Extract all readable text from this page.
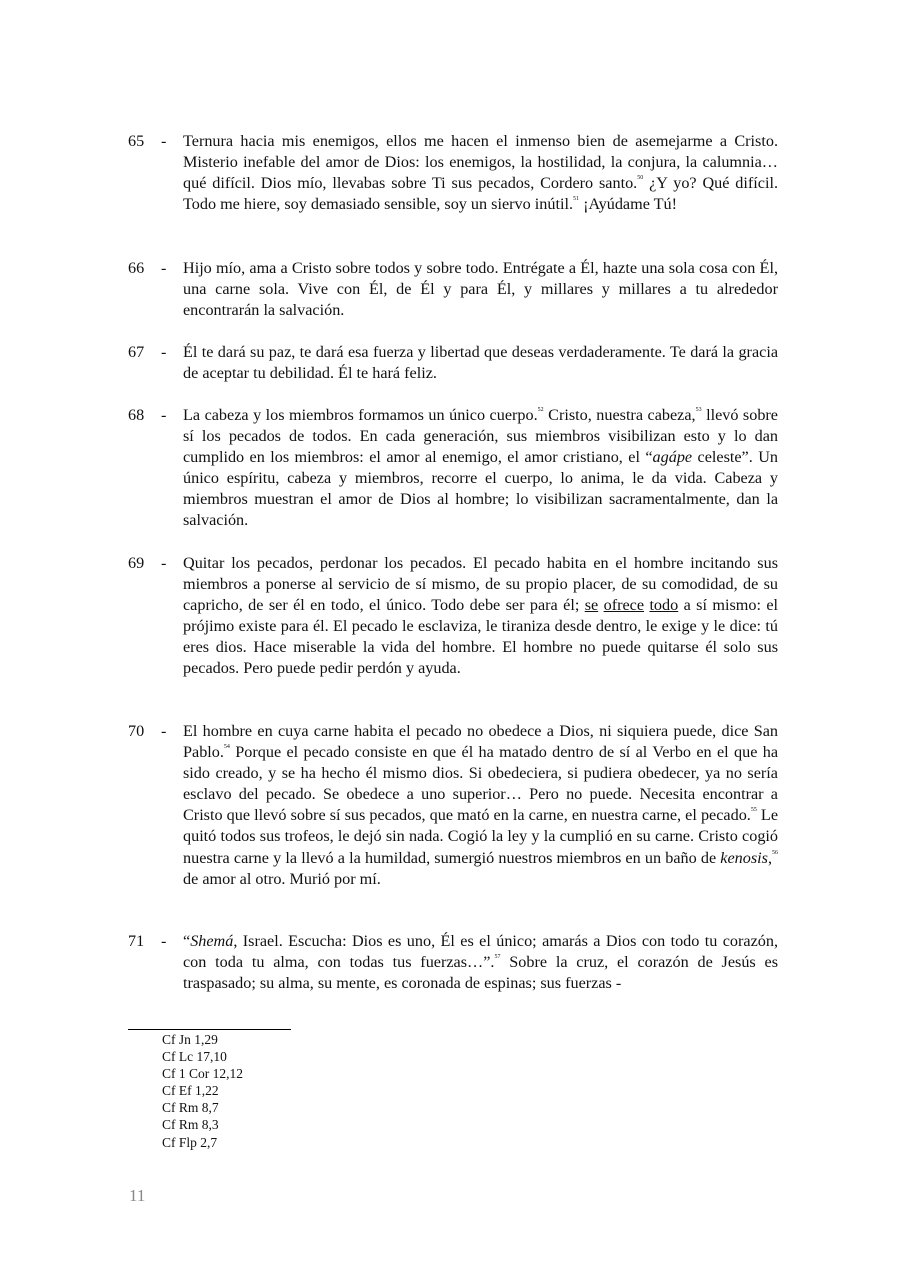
65 - Ternura hacia mis enemigos, ellos me hacen el inmenso bien de asemejarme a Cristo. Misterio inefable del amor de Dios: los enemigos, la hostilidad, la conjura, la calumnia… qué difícil. Dios mío, llevabas sobre Ti sus pecados, Cordero santo.$^{50}$ ¿Y yo? Qué difícil. Todo me hiere, soy demasiado sensible, soy un siervo inútil.$^{51}$ ¡Ayúdame Tú!
66 - Hijo mío, ama a Cristo sobre todos y sobre todo. Entrégate a Él, hazte una sola cosa con Él, una carne sola. Vive con Él, de Él y para Él, y millares y millares a tu alrededor encontrarán la salvación.
67 - Él te dará su paz, te dará esa fuerza y libertad que deseas verdaderamente. Te dará la gracia de aceptar tu debilidad. Él te hará feliz.
68 - La cabeza y los miembros formamos un único cuerpo.$^{52}$ Cristo, nuestra cabeza,$^{53}$ llevó sobre sí los pecados de todos. En cada generación, sus miembros visibilizan esto y lo dan cumplido en los miembros: el amor al enemigo, el amor cristiano, el “agápe celeste”. Un único espíritu, cabeza y miembros, recorre el cuerpo, lo anima, le da vida. Cabeza y miembros muestran el amor de Dios al hombre; lo visibilizan sacramentalmente, dan la salvación.
69 - Quitar los pecados, perdonar los pecados. El pecado habita en el hombre incitando sus miembros a ponerse al servicio de sí mismo, de su propio placer, de su comodidad, de su capricho, de ser él en todo, el único. Todo debe ser para él; se ofrece todo a sí mismo: el prójimo existe para él. El pecado le esclaviza, le tiraniza desde dentro, le exige y le dice: tú eres dios. Hace miserable la vida del hombre. El hombre no puede quitarse él solo sus pecados. Pero puede pedir perdón y ayuda.
70 - El hombre en cuya carne habita el pecado no obedece a Dios, ni siquiera puede, dice San Pablo.$^{54}$ Porque el pecado consiste en que él ha matado dentro de sí al Verbo en el que ha sido creado, y se ha hecho él mismo dios. Si obedeciera, si pudiera obedecer, ya no sería esclavo del pecado. Se obedece a uno superior… Pero no puede. Necesita encontrar a Cristo que llevó sobre sí sus pecados, que mató en la carne, en nuestra carne, el pecado.$^{55}$ Le quitó todos sus trofeos, le dejó sin nada. Cogió la ley y la cumplió en su carne. Cristo cogió nuestra carne y la llevó a la humildad, sumergió nuestros miembros en un baño de kenosis,$^{56}$ de amor al otro. Murió por mí.
71 - “Shemá, Israel. Escucha: Dios es uno, Él es el único; amarás a Dios con todo tu corazón, con toda tu alma, con todas tus fuerzas…”.$^{57}$ Sobre la cruz, el corazón de Jesús es traspasado; su alma, su mente, es coronada de espinas; sus fuerzas -
Cf Jn 1,29
Cf Lc 17,10
Cf 1 Cor 12,12
Cf Ef 1,22
Cf Rm 8,7
Cf Rm 8,3
Cf Flp 2,7
11
